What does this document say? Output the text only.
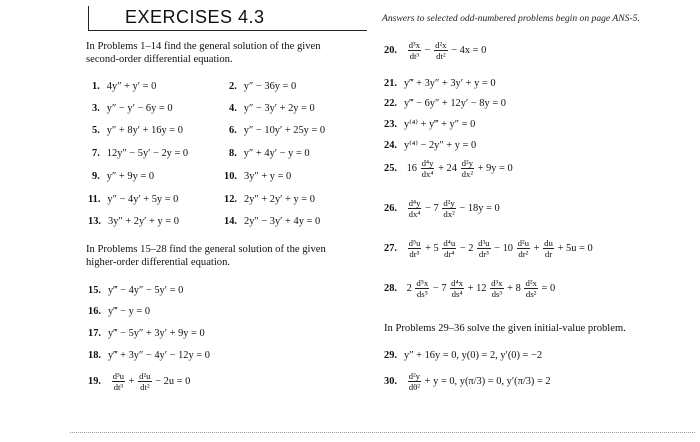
EXERCISES 4.3	Answers to selected odd-numbered problems begin on page ANS-5.
In Problems 1–14 find the general solution of the given
second-order differential equation.
1. 4y″ + y′ = 0	2. y″ − 36y = 0
3. y″ − y′ − 6y = 0	4. y″ − 3y′ + 2y = 0
5. y″ + 8y′ + 16y = 0	6. y″ − 10y′ + 25y = 0
7. 12y″ − 5y′ − 2y = 0	8. y″ + 4y′ − y = 0
9. y″ + 9y = 0	10. 3y″ + y = 0
11. y″ − 4y′ + 5y = 0	12. 2y″ + 2y′ + y = 0
13. 3y″ + 2y′ + y = 0	14. 2y″ − 3y′ + 4y = 0
In Problems 15–28 find the general solution of the given
higher-order differential equation.
15. y‴ − 4y″ − 5y′ = 0
16. y‴ − y = 0
17. y‴ − 5y″ + 3y′ + 9y = 0
18. y‴ + 3y″ − 4y′ − 12y = 0
19. $\frac{\text{d³u}}{\text{dt³}} + \frac{\text{d²u}}{\text{dt²}} - 2u = 0$
20. $\frac{\text{d³x}}{\text{dt³}} - \frac{\text{d²x}}{\text{dt²}} - 4x = 0$
21. y‴ + 3y″ + 3y′ + y = 0
22. y‴ − 6y″ + 12y′ − 8y = 0
23. y⁽⁴⁾ + y‴ + y″ = 0
24. y⁽⁴⁾ − 2y″ + y = 0
25. $16 \frac{\text{d⁴y}}{\text{dx⁴}} + 24 \frac{\text{d²y}}{\text{dx²}} + 9y = 0$
26. $\frac{\text{d⁴y}}{\text{dx⁴}} - 7 \frac{\text{d²y}}{\text{dx²}} - 18y = 0$
27. $\frac{\text{d⁵u}}{\text{dr⁵}} + 5 \frac{\text{d⁴u}}{\text{dr⁴}} - 2 \frac{\text{d³u}}{\text{dr³}} - 10 \frac{\text{d²u}}{\text{dr²}} + \frac{du}{dr} + 5u = 0$
28. $2 \frac{\text{d⁵x}}{\text{ds⁵}} - 7 \frac{\text{d⁴x}}{\text{ds⁴}} + 12 \frac{\text{d³x}}{\text{ds³}} + 8 \frac{\text{d²x}}{\text{ds²}} = 0$
In Problems 29–36 solve the given initial-value problem.
29. y″ + 16y = 0, y(0) = 2, y′(0) = −2
30. $\frac{\text{d²y}}{\text{dθ²}} + y = 0$, y(π/3) = 0, y′(π/3) = 2
